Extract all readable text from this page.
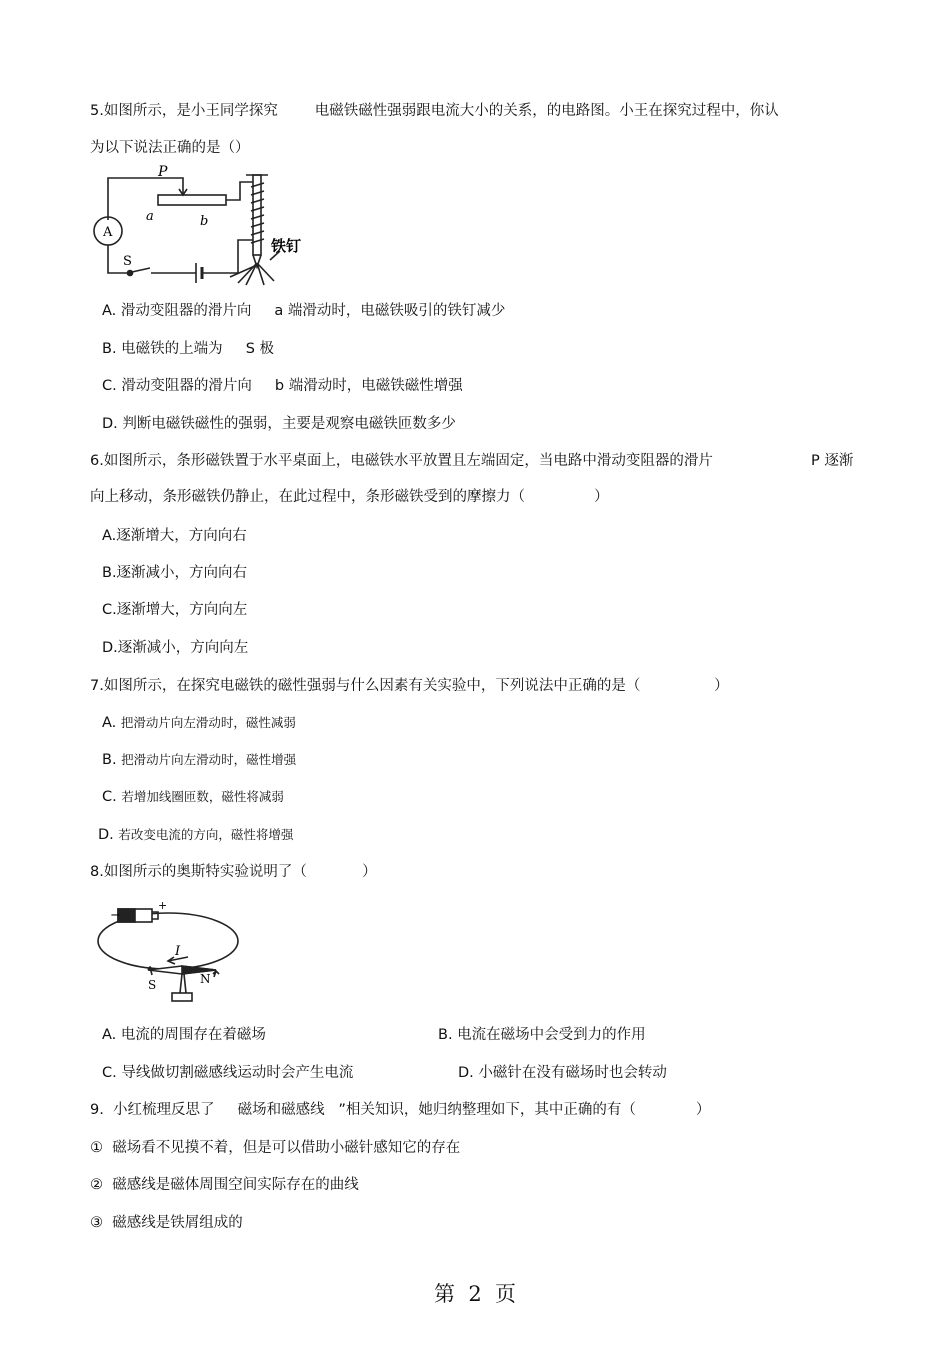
5.如图所示，是小王同学探究        电磁铁磁性强弱跟电流大小的关系，的电路图。小王在探究过程中，你认
为以下说法正确的是（）
P
a	b
A
S
铁钉
A. 滑动变阻器的滑片向     a 端滑动时，电磁铁吸引的铁钉减少
B. 电磁铁的上端为     S 极
C. 滑动变阻器的滑片向     b 端滑动时，电磁铁磁性增强
D. 判断电磁铁磁性的强弱，主要是观察电磁铁匝数多少
6.如图所示，条形磁铁置于水平桌面上，电磁铁水平放置且左端固定，当电路中滑动变阻器的滑片	P 逐渐
向上移动，条形磁铁仍静止，在此过程中，条形磁铁受到的摩擦力（               ）
A.逐渐增大，方向向右
B.逐渐减小，方向向右
C.逐渐增大，方向向左
D.逐渐减小，方向向左
7.如图所示，在探究电磁铁的磁性强弱与什么因素有关实验中，下列说法中正确的是（                ）
A. 把滑动片向左滑动时，磁性减弱
B. 把滑动片向左滑动时，磁性增强
C. 若增加线圈匝数，磁性将减弱
D. 若改变电流的方向，磁性将增强
8.如图所示的奥斯特实验说明了（            ）
−
+
I
S	N
A. 电流的周围存在着磁场	B. 电流在磁场中会受到力的作用
C. 导线做切割磁感线运动时会产生电流	D. 小磁针在没有磁场时也会转动
9.  小红梳理反思了     磁场和磁感线   ”相关知识，她归纳整理如下，其中正确的有（             ）
①  磁场看不见摸不着，但是可以借助小磁针感知它的存在
②  磁感线是磁体周围空间实际存在的曲线
③  磁感线是铁屑组成的
第  2  页
